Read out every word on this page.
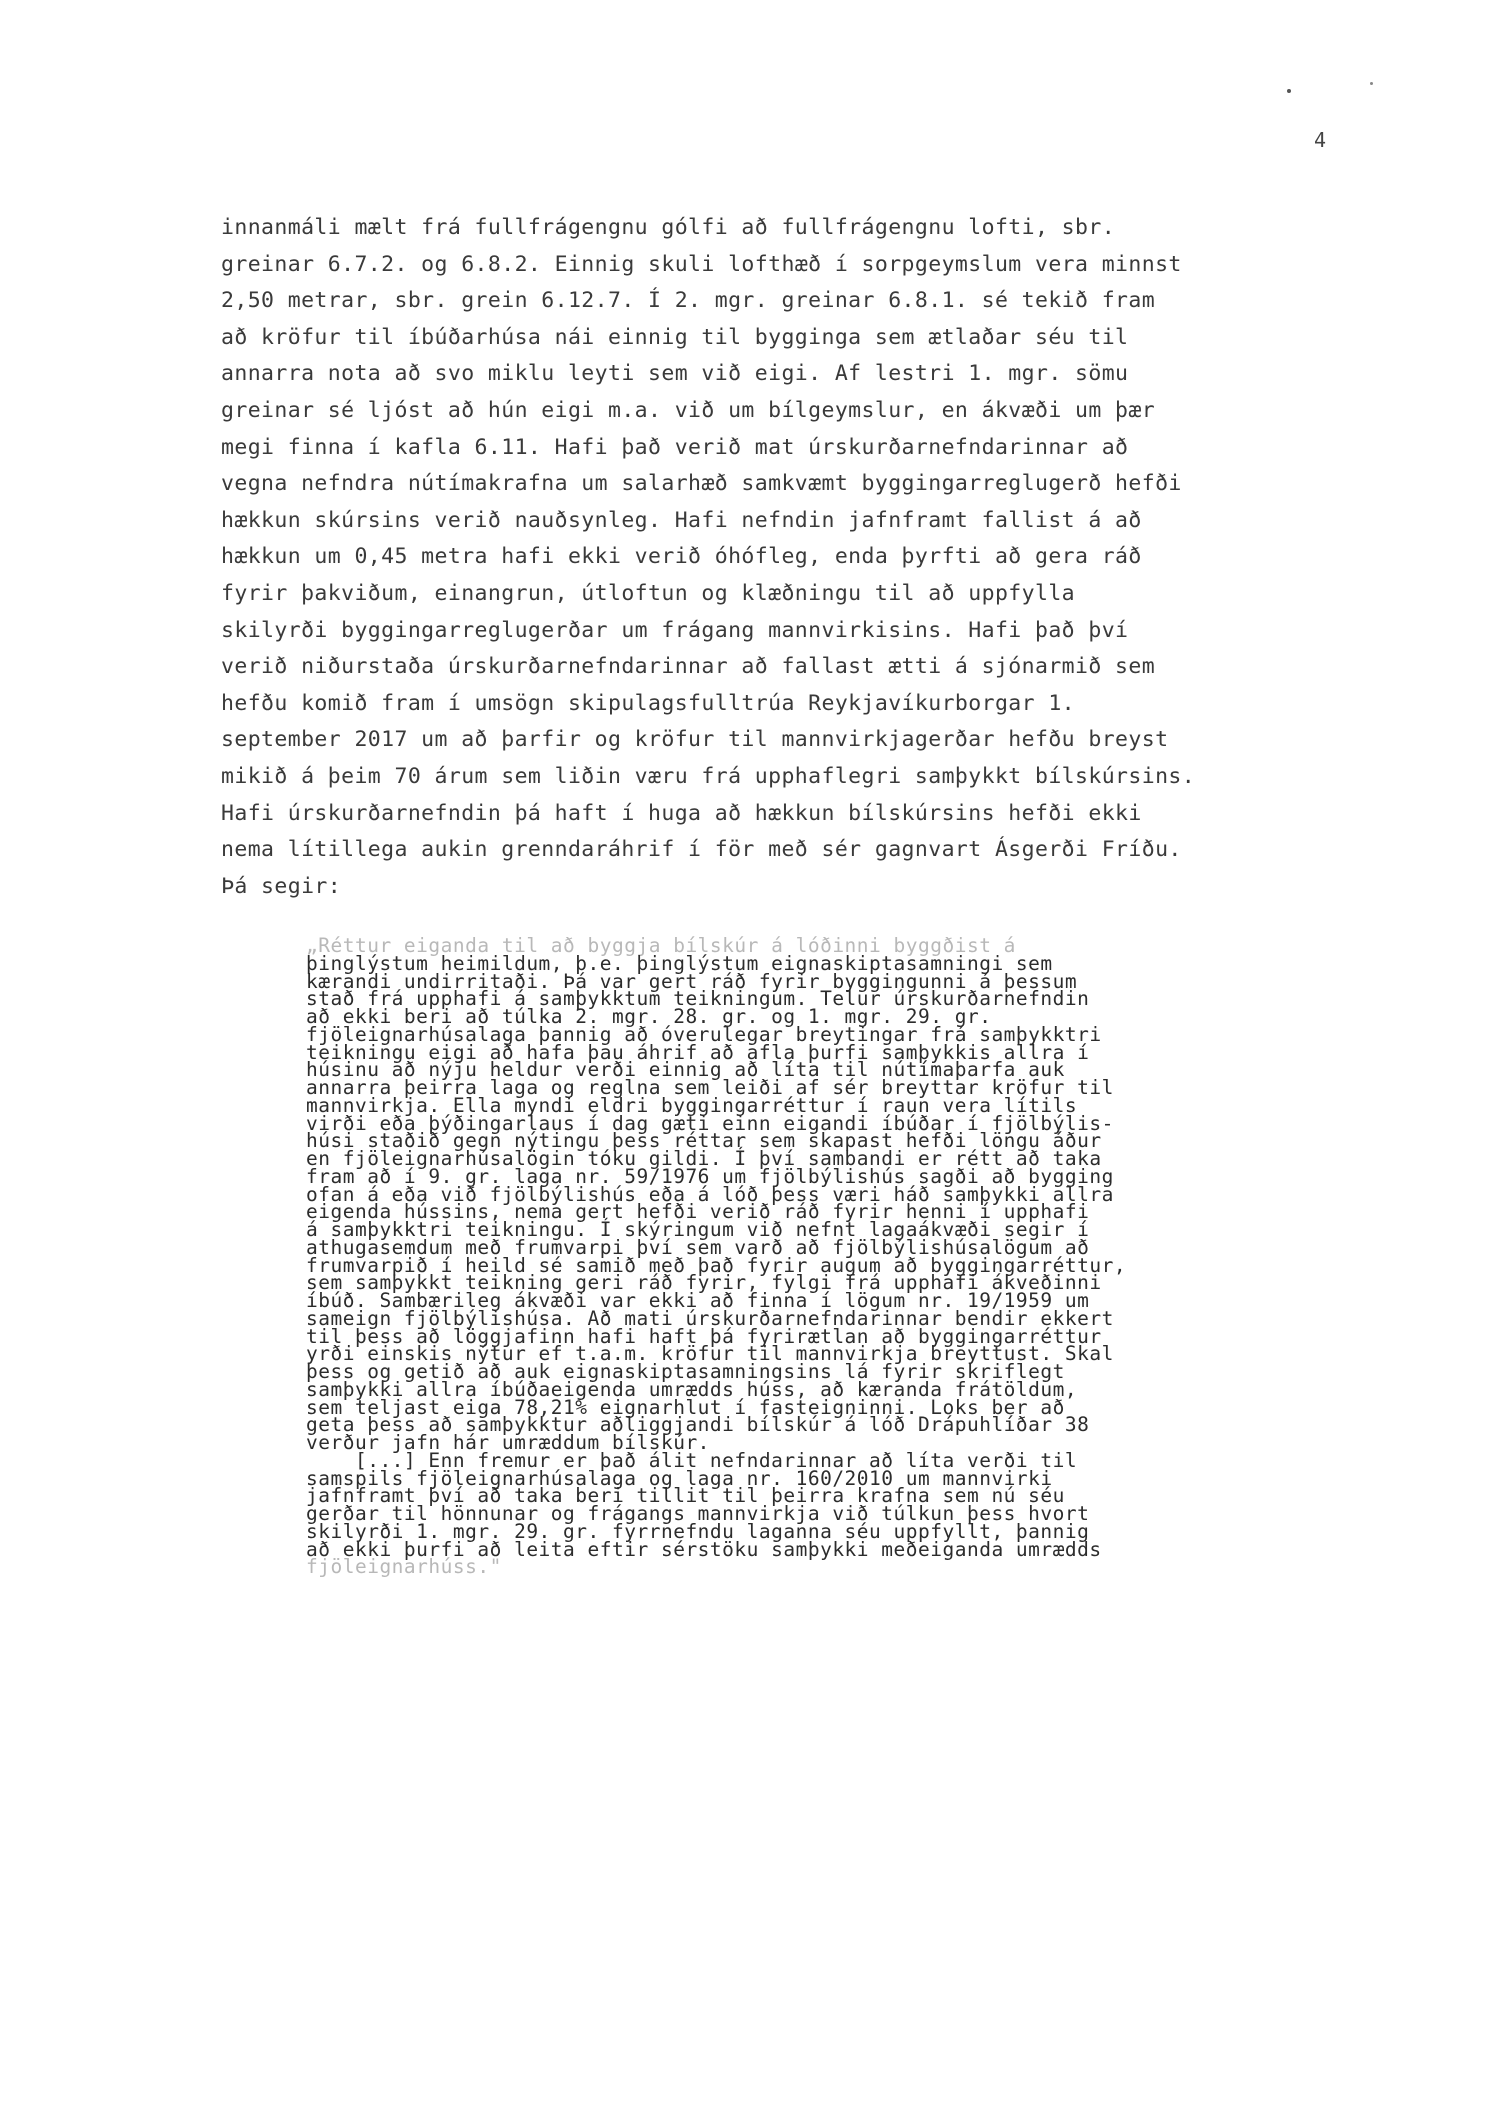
4
innanmáli mælt frá fullfrágengnu gólfi að fullfrágengnu lofti, sbr.
greinar 6.7.2. og 6.8.2. Einnig skuli lofthæð í sorpgeymslum vera minnst
2,50 metrar, sbr. grein 6.12.7. Í 2. mgr. greinar 6.8.1. sé tekið fram
að kröfur til íbúðarhúsa nái einnig til bygginga sem ætlaðar séu til
annarra nota að svo miklu leyti sem við eigi. Af lestri 1. mgr. sömu
greinar sé ljóst að hún eigi m.a. við um bílgeymslur, en ákvæði um þær
megi finna í kafla 6.11. Hafi það verið mat úrskurðarnefndarinnar að
vegna nefndra nútímakrafna um salarhæð samkvæmt byggingarreglugerð hefði
hækkun skúrsins verið nauðsynleg. Hafi nefndin jafnframt fallist á að
hækkun um 0,45 metra hafi ekki verið óhófleg, enda þyrfti að gera ráð
fyrir þakviðum, einangrun, útloftun og klæðningu til að uppfylla
skilyrði byggingarreglugerðar um frágang mannvirkisins. Hafi það því
verið niðurstaða úrskurðarnefndarinnar að fallast ætti á sjónarmið sem
hefðu komið fram í umsögn skipulagsfulltrúa Reykjavíkurborgar 1.
september 2017 um að þarfir og kröfur til mannvirkjagerðar hefðu breyst
mikið á þeim 70 árum sem liðin væru frá upphaflegri samþykkt bílskúrsins.
Hafi úrskurðarnefndin þá haft í huga að hækkun bílskúrsins hefði ekki
nema lítillega aukin grenndaráhrif í för með sér gagnvart Ásgerði Fríðu.
Þá segir:
„Réttur eiganda til að byggja bílskúr á lóðinni byggðist á
þinglýstum heimildum, þ.e. þinglýstum eignaskiptasamningi sem
kærandi undirritaði. Þá var gert ráð fyrir byggingunni á þessum
stað frá upphafi á samþykktum teikningum. Telur úrskurðarnefndin
að ekki beri að túlka 2. mgr. 28. gr. og 1. mgr. 29. gr.
fjöleignarhúsalaga þannig að óverulegar breytingar frá samþykktri
teikningu eigi að hafa þau áhrif að afla þurfi samþykkis allra í
húsinu að nýju heldur verði einnig að líta til nútímaþarfa auk
annarra þeirra laga og reglna sem leiði af sér breyttar kröfur til
mannvirkja. Ella myndi eldri byggingarréttur í raun vera lítils
virði eða þýðingarlaus í dag gæti einn eigandi íbúðar í fjölbýlis-
húsi staðið gegn nýtingu þess réttar sem skapast hefði löngu áður
en fjöleignarhúsalögin tóku gildi. Í því sambandi er rétt að taka
fram að í 9. gr. laga nr. 59/1976 um fjölbýlishús sagði að bygging
ofan á eða við fjölbýlishús eða á lóð þess væri háð samþykki allra
eigenda hússins, nema gert hefði verið ráð fyrir henni í upphafi
á samþykktri teikningu. Í skýringum við nefnt lagaákvæði segir í
athugasemdum með frumvarpi því sem varð að fjölbýlishúsalögum að
frumvarpið í heild sé samið með það fyrir augum að byggingarréttur,
sem samþykkt teikning geri ráð fyrir, fylgi frá upphafi ákveðinni
íbúð. Sambærileg ákvæði var ekki að finna í lögum nr. 19/1959 um
sameign fjölbýlishúsa. Að mati úrskurðarnefndarinnar bendir ekkert
til þess að löggjafinn hafi haft þá fyrirætlan að byggingarréttur
yrði einskis nýtur ef t.a.m. kröfur til mannvirkja breyttust. Skal
þess og getið að auk eignaskiptasamningsins lá fyrir skriflegt
samþykki allra íbúðaeigenda umrædds húss, að kæranda frátöldum,
sem teljast eiga 78,21% eignarhlut í fasteigninni. Loks ber að
geta þess að samþykktur aðliggjandi bílskúr á lóð Drápuhlíðar 38
verður jafn hár umræddum bílskúr.
[...] Enn fremur er það álit nefndarinnar að líta verði til
samspils fjöleignarhúsalaga og laga nr. 160/2010 um mannvirki
jafnframt því að taka beri tillit til þeirra krafna sem nú séu
gerðar til hönnunar og frágangs mannvirkja við túlkun þess hvort
skilyrði 1. mgr. 29. gr. fyrrnefndu laganna séu uppfyllt, þannig
að ekki þurfi að leita eftir sérstöku samþykki meðeiganda umrædds
fjöleignarhúss."
